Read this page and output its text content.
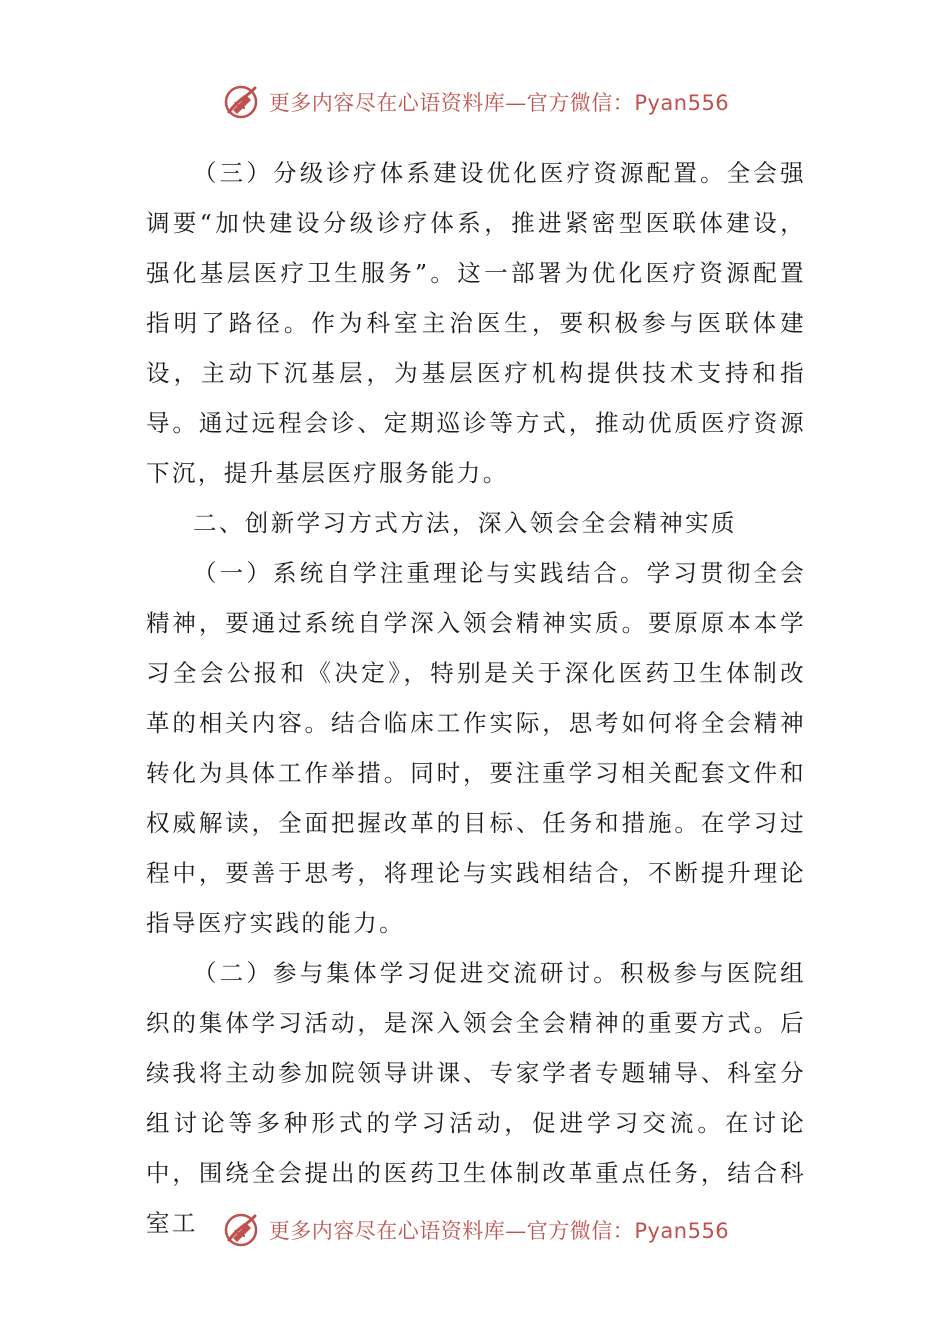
更多内容尽在心语资料库—官方微信：Pyan556

（三）分级诊疗体系建设优化医疗资源配置。全会强调要“加快建设分级诊疗体系，推进紧密型医联体建设，强化基层医疗卫生服务”。这一部署为优化医疗资源配置指明了路径。作为科室主治医生，要积极参与医联体建设，主动下沉基层，为基层医疗机构提供技术支持和指导。通过远程会诊、定期巡诊等方式，推动优质医疗资源下沉，提升基层医疗服务能力。

二、创新学习方式方法，深入领会全会精神实质

（一）系统自学注重理论与实践结合。学习贯彻全会精神，要通过系统自学深入领会精神实质。要原原本本学习全会公报和《决定》，特别是关于深化医药卫生体制改革的相关内容。结合临床工作实际，思考如何将全会精神转化为具体工作举措。同时，要注重学习相关配套文件和权威解读，全面把握改革的目标、任务和措施。在学习过程中，要善于思考，将理论与实践相结合，不断提升理论指导医疗实践的能力。

（二）参与集体学习促进交流研讨。积极参与医院组织的集体学习活动，是深入领会全会精神的重要方式。后续我将主动参加院领导讲课、专家学者专题辅导、科室分组讨论等多种形式的学习活动，促进学习交流。在讨论中，围绕全会提出的医药卫生体制改革重点任务，结合科室工	更多内容尽在心语资料库—官方微信：Pyan556
